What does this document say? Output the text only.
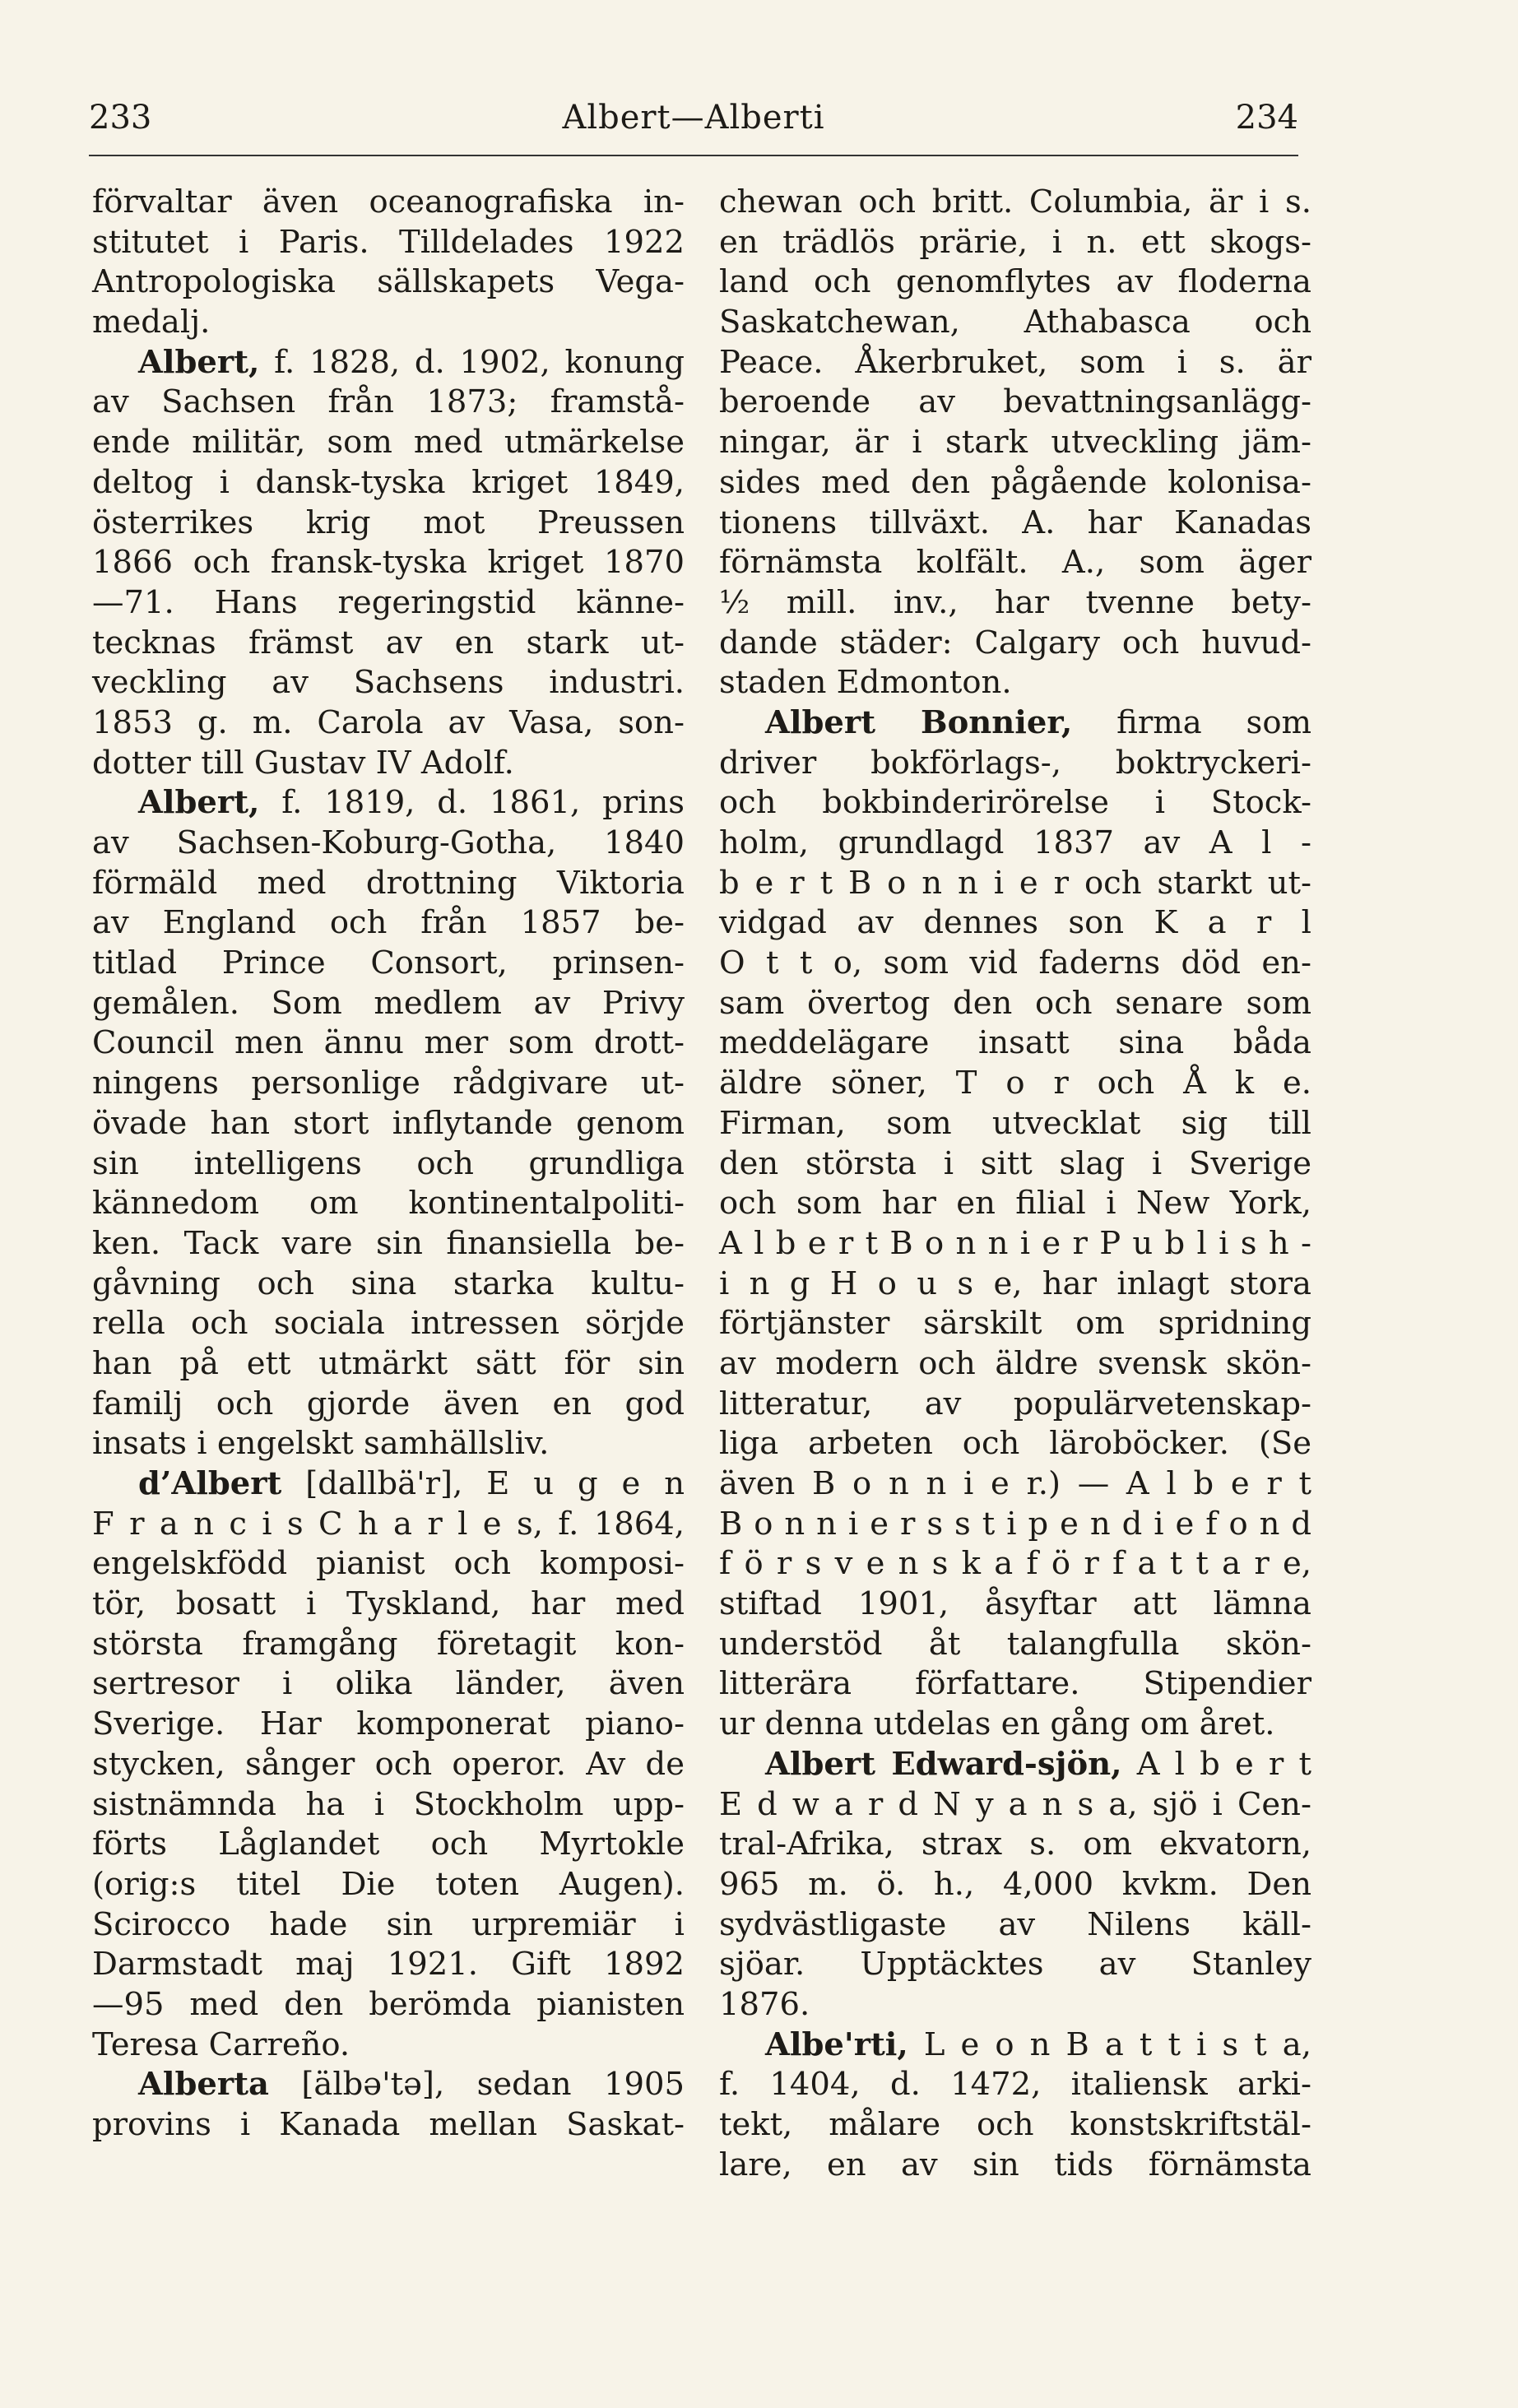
233	Albert—Alberti	234
förvaltar även oceanografiska in-
stitutet i Paris. Tilldelades 1922
Antropologiska sällskapets Vega-
medalj.
Albert, f. 1828, d. 1902, konung
av Sachsen från 1873; framstå-
ende militär, som med utmärkelse
deltog i dansk-tyska kriget 1849,
österrikes krig mot Preussen
1866 och fransk-tyska kriget 1870
—71. Hans regeringstid känne-
tecknas främst av en stark ut-
veckling av Sachsens industri.
1853 g. m. Carola av Vasa, son-
dotter till Gustav IV Adolf.
Albert, f. 1819, d. 1861, prins
av Sachsen-Koburg-Gotha, 1840
förmäld med drottning Viktoria
av England och från 1857 be-
titlad Prince Consort, prinsen-
gemålen. Som medlem av Privy
Council men ännu mer som drott-
ningens personlige rådgivare ut-
övade han stort inflytande genom
sin intelligens och grundliga
kännedom om kontinentalpoliti-
ken. Tack vare sin finansiella be-
gåvning och sina starka kultu-
rella och sociala intressen sörjde
han på ett utmärkt sätt för sin
familj och gjorde även en god
insats i engelskt samhällsliv.
d’Albert [dallbä'r], E u g e n
F r a n c i s C h a r l e s, f. 1864,
engelskfödd pianist och komposi-
tör, bosatt i Tyskland, har med
största framgång företagit kon-
sertresor i olika länder, även
Sverige. Har komponerat piano-
stycken, sånger och operor. Av de
sistnämnda ha i Stockholm upp-
förts Låglandet och Myrtokle
(orig:s titel Die toten Augen).
Scirocco hade sin urpremiär i
Darmstadt maj 1921. Gift 1892
—95 med den berömda pianisten
Teresa Carreño.
Alberta [älbə'tə], sedan 1905
provins i Kanada mellan Saskat-
chewan och britt. Columbia, är i s.
en trädlös prärie, i n. ett skogs-
land och genomflytes av floderna
Saskatchewan, Athabasca och
Peace. Åkerbruket, som i s. är
beroende av bevattningsanlägg-
ningar, är i stark utveckling jäm-
sides med den pågående kolonisa-
tionens tillväxt. A. har Kanadas
förnämsta kolfält. A., som äger
½ mill. inv., har tvenne bety-
dande städer: Calgary och huvud-
staden Edmonton.
Albert Bonnier, firma som
driver bokförlags-, boktryckeri-
och bokbinderirörelse i Stock-
holm, grundlagd 1837 av A l -
b e r t B o n n i e r och starkt ut-
vidgad av dennes son K a r l
O t t o, som vid faderns död en-
sam övertog den och senare som
meddelägare insatt sina båda
äldre söner, T o r och Å k e.
Firman, som utvecklat sig till
den största i sitt slag i Sverige
och som har en filial i New York,
A l b e r t B o n n i e r P u b l i s h -
i n g H o u s e, har inlagt stora
förtjänster särskilt om spridning
av modern och äldre svensk skön-
litteratur, av populärvetenskap-
liga arbeten och läroböcker. (Se
även B o n n i e r.) — A l b e r t
B o n n i e r s s t i p e n d i e f o n d
f ö r s v e n s k a f ö r f a t t a r e,
stiftad 1901, åsyftar att lämna
understöd åt talangfulla skön-
litterära författare. Stipendier
ur denna utdelas en gång om året.
Albert Edward-sjön, A l b e r t
E d w a r d N y a n s a, sjö i Cen-
tral-Afrika, strax s. om ekvatorn,
965 m. ö. h., 4,000 kvkm. Den
sydvästligaste av Nilens käll-
sjöar. Upptäcktes av Stanley
1876.
Albe'rti, L e o n B a t t i s t a,
f. 1404, d. 1472, italiensk arki-
tekt, målare och konstskriftstäl-
lare, en av sin tids förnämsta
